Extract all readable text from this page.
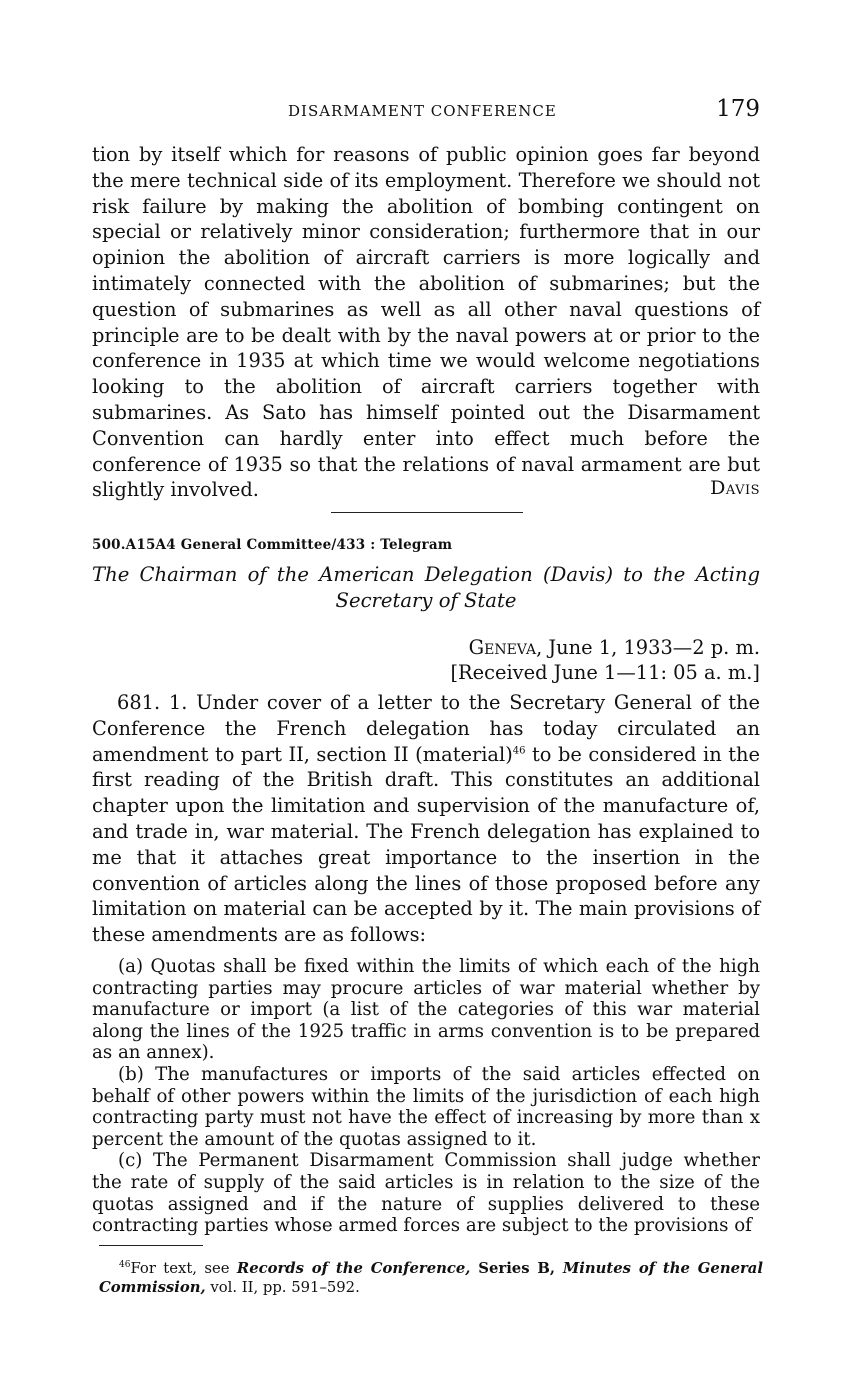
DISARMAMENT CONFERENCE	179

tion by itself which for reasons of public opinion goes far beyond the mere technical side of its employment. Therefore we should not risk failure by making the abolition of bombing contingent on special or relatively minor consideration; furthermore that in our opinion the abolition of aircraft carriers is more logically and intimately connected with the abolition of submarines; but the question of submarines as well as all other naval questions of principle are to be dealt with by the naval powers at or prior to the conference in 1935 at which time we would welcome negotiations looking to the abolition of aircraft carriers together with submarines. As Sato has himself pointed out the Disarmament Convention can hardly enter into effect much before the conference of 1935 so that the relations of naval armament are but slightly involved.	Davis
500.A15A4 General Committee/433 : Telegram
The Chairman of the American Delegation (Davis) to the Acting Secretary of State
Geneva, June 1, 1933—2 p. m.
[Received June 1—11: 05 a. m.]

681. 1. Under cover of a letter to the Secretary General of the Conference the French delegation has today circulated an amendment to part II, section II (material)$^{46}$ to be considered in the first reading of the British draft. This constitutes an additional chapter upon the limitation and supervision of the manufacture of, and trade in, war material. The French delegation has explained to me that it attaches great importance to the insertion in the convention of articles along the lines of those proposed before any limitation on material can be accepted by it. The main provisions of these amendments are as follows:

(a) Quotas shall be fixed within the limits of which each of the high contracting parties may procure articles of war material whether by manufacture or import (a list of the categories of this war material along the lines of the 1925 traffic in arms convention is to be prepared as an annex).

(b) The manufactures or imports of the said articles effected on behalf of other powers within the limits of the jurisdiction of each high contracting party must not have the effect of increasing by more than x percent the amount of the quotas assigned to it.

(c) The Permanent Disarmament Commission shall judge whether the rate of supply of the said articles is in relation to the size of the quotas assigned and if the nature of supplies delivered to these contracting parties whose armed forces are subject to the provisions of

$^{46}$For text, see Records of the Conference, Series B, Minutes of the General Commission, vol. II, pp. 591–592.
